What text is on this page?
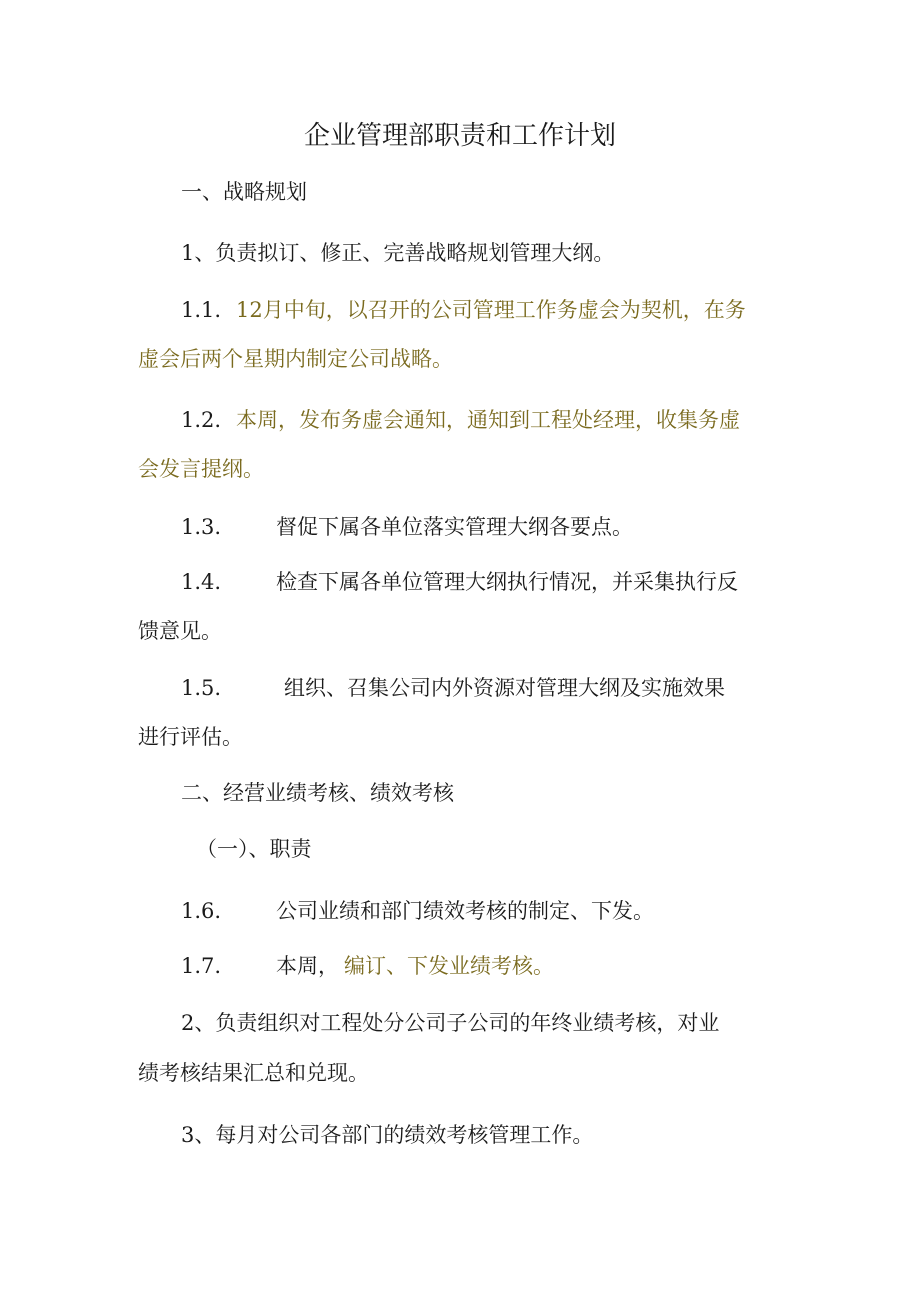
企业管理部职责和工作计划
一、战略规划
1、负责拟订、修正、完善战略规划管理大纲。
1.1. 12月中旬，以召开的公司管理工作务虚会为契机，在务
虚会后两个星期内制定公司战略。
1.2. 本周，发布务虚会通知，通知到工程处经理，收集务虚
会发言提纲。
1.3.	督促下属各单位落实管理大纲各要点。
1.4.	检查下属各单位管理大纲执行情况，并采集执行反
馈意见。
1.5.	组织、召集公司内外资源对管理大纲及实施效果
进行评估。
二、经营业绩考核、绩效考核
（一）、职责
1.6.	公司业绩和部门绩效考核的制定、下发。
1.7.	本周， 编订、下发业绩考核。
2、负责组织对工程处分公司子公司的年终业绩考核，对业
绩考核结果汇总和兑现。
3、每月对公司各部门的绩效考核管理工作。
